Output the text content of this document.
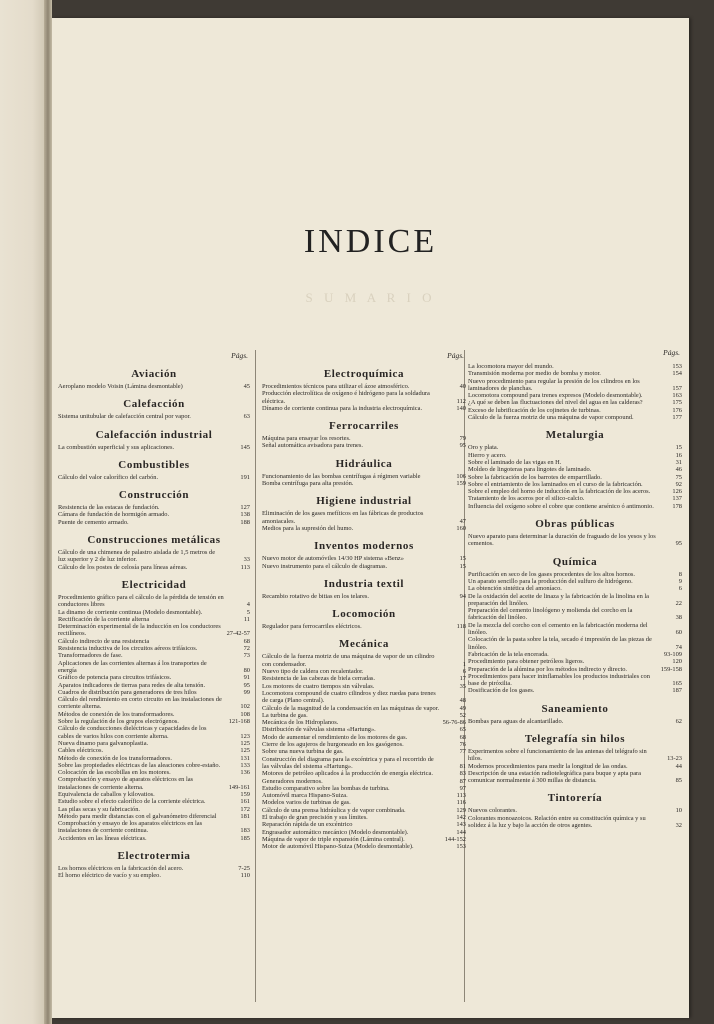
INDICE
S U M A R I O
Págs.
Aviación
Aeroplano modelo Voisin (Lámina desmontable)	45
Calefacción
Sistema unitubular de calefacción central por vapor.	63
Calefacción industrial
La combustión superficial y sus aplicaciones.	145
Combustibles
Cálculo del valor calorífico del carbón.	191
Construcción
Resistencia de las estacas de fundación.	127
Cámara de fundación de hormigón armado.	138
Puente de cemento armado.	188
Construcciones metálicas
Cálculo de una chimenea de palastro aislada de 1,5 metros de luz superior y 2 de luz inferior.	33
Cálculo de los postes de celosía para líneas aéreas.	113
Electricidad
Procedimiento gráfico para el cálculo de la pérdida de tensión en conductores libres	4
La dinamo de corriente continua (Modelo desmontable).	5
Rectificación de la corriente alterna	11
Determinación experimental de la inducción en los conductores rectilíneos.	27-42-57
Cálculo indirecto de una resistencia	68
Resistencia inductiva de los circuitos aéreos trifásicos.	72
Transformadores de fase.	73
Aplicaciones de las corrientes alternas á los transportes de energía	80
Gráfico de potencia para circuitos trifásicos.	91
Aparatos indicadores de tierras para redes de alta tensión.	95
Cuadros de distribución para generadores de tres hilos	99
Cálculo del rendimiento en corto circuito en las instalaciones de corriente alterna.	102
Métodos de conexión de los transformadores.	108
Sobre la regulación de los grupos electrógenos.	121-168
Cálculo de conducciones dieléctricas y capacidades de los cables de varios hilos con corriente alterna.	123
Nueva dinamo para galvanoplastia.	125
Cables eléctricos.	125
Método de conexión de los transformadores.	131
Sobre las propiedades eléctricas de las aleaciones cobre-estaño.	133
Colocación de las escobillas en los motores.	136
Comprobación y ensayo de aparatos eléctricos en las instalaciones de corriente alterna.	149-161
Equivalencia de caballos y kilovatios.	159
Estudio sobre el efecto calorífico de la corriente eléctrica.	161
Las pilas secas y su fabricación.	172
Método para medir distancias con el galvanómetro diferencial	181
Comprobación y ensayo de los aparatos eléctricos en las instalaciones de corriente continua.	183
Accidentes en las líneas eléctricas.	185
Electrotermia
Los hornos eléctricos en la fabricación del acero.	7-25
El horno eléctrico de vacío y su empleo.	110
Págs.
Electroquímica
Procedimientos técnicos para utilizar el ázoe atmosférico.	40
Producción electrolítica de oxígeno é hidrógeno para la soldadura eléctrica.	112
Dínamo de corriente continua para la industria electroquímica.	140
Ferrocarriles
Máquina para ensayar los resortes.	79
Señal automática avisadora para trenes.	95
Hidráulica
Funcionamiento de las bombas centrífugas á régimen variable	106
Bomba centrífuga para alta presión.	159
Higiene industrial
Eliminación de los gases mefíticos en las fábricas de productos amoniacales.	47
Medios para la supresión del humo.	160
Inventos modernos
Nuevo motor de automóviles 14/30 HP sistema «Benz»	15
Nuevo instrumento para el cálculo de diagramas.	15
Industria textil
Recambio rotativo de bitias en los telares.	94
Locomoción
Regulador para ferrocarriles eléctricos.	118
Mecánica
Cálculo de la fuerza motriz de una máquina de vapor de un cilindro con condensador.	1
Nuevo tipo de caldera con recalentador.	6
Resistencia de las cabezas de biela cerradas.	17
Los motores de cuatro tiempos sin válvulas.	35
Locomotora compound de cuatro cilindros y diez ruedas para trenes de carga (Plano central).	48
Cálculo de la magnitud de la condensación en las máquinas de vapor.	49
La turbina de gas.	52
Mecánica de los Hidroplanos.	56-76-86
Distribución de válvulas sistema «Hartung».	65
Modo de aumentar el rendimiento de los motores de gas.	68
Cierre de los agujeros de hurgoneado en los gasógenos.	76
Sobre una nueva turbina de gas.	77
Construcción del diagrama para la excéntrica y para el recorrido de las válvulas del sistema «Hartung».	81
Motores de petróleo aplicados á la producción de energía eléctrica.	83
Generadores modernos.	87
Estudio comparativo sobre las bombas de turbina.	97
Automóvil marca Hispano-Suiza.	113
Modelos varios de turbinas de gas.	116
Cálculo de una prensa hidráulica y de vapor combinada.	129
El trabajo de gran precisión y sus límites.	142
Reparación rápida de un excéntrico	143
Engrasador automático mecánico (Modelo desmontable).	144
Máquina de vapor de triple expansión (Lámina central).	144-152
Motor de automóvil Hispano-Suiza (Modelo desmontable).	153
Págs.
La locomotora mayor del mundo.	153
Transmisión moderna por medio de bomba y motor.	154
Nuevo procedimiento para regular la presión de los cilindros en los laminadores de planchas.	157
Locomotora compound para trenes expresos (Modelo desmontable).	163
¿A qué se deben las fluctuaciones del nivel del agua en las calderas?	175
Exceso de lubrificación de los cojinetes de turbinas.	176
Cálculo de la fuerza motriz de una máquina de vapor compound.	177
Metalurgia
Oro y plata.	15
Hierro y acero.	16
Sobre el laminado de las vigas en H.	31
Moldeo de lingoteras para lingotes de laminado.	46
Sobre la fabricación de los barrotes de emparrillado.	75
Sobre el entriamiento de los laminados en el curso de la fabricación.	92
Sobre el empleo del horno de inducción en la fabricación de los aceros.	126
Tratamiento de los aceros por el silico-calcio.	137
Influencia del oxígeno sobre el cobre que contiene arsénico ó antimonio.	178
Obras públicas
Nuevo aparato para determinar la duración de fraguado de los yesos y los cementos.	95
Química
Purificación en seco de los gases procedentes de los altos hornos.	8
Un aparato sencillo para la producción del sulfuro de hidrógeno.	9
La obtención sintética del amoníaco.	6
De la oxidación del aceite de linaza y la fabricación de la linolina en la preparación del linóleo.	22
Preparación del cemento linológeno y molienda del corcho en la fabricación del linóleo.	38
De la mezcla del corcho con el cemento en la fabricación moderna del linóleo.	60
Colocación de la pasta sobre la tela, secado é impresión de las piezas de linóleo.	74
Fabricación de la tela encerada.	93-109
Procedimiento para obtener petróleos ligeros.	120
Preparación de la alúmina por los métodos indirecto y directo.	159-158
Procedimientos para hacer ininflamables los productos industriales con base de piróxilia.	165
Dosificación de los gases.	187
Saneamiento
Bombas para aguas de alcantarillado.	62
Telegrafía sin hilos
Experimentos sobre el funcionamiento de las antenas del telégrafo sin hilos.	13-23
Modernos procedimientos para medir la longitud de las ondas.	44
Descripción de una estación radiotelegráfica para buque y apta para comunicar normalmente á 300 millas de distancia.	85
Tintorería
Nuevos colorantes.	10
Colorantes monoazoicos. Relación entre su constitución química y su solidez á la luz y bajo la acción de otros agentes.	32
